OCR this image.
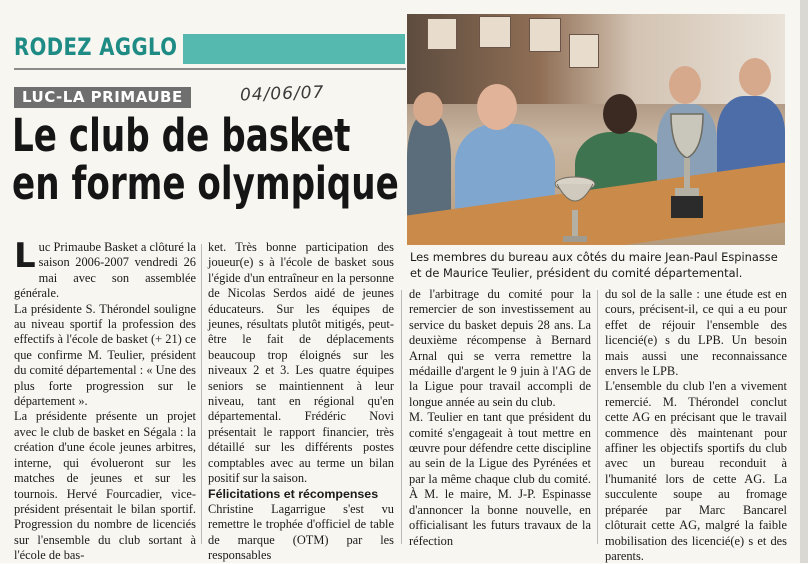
RODEZ AGGLO
LUC-LA PRIMAUBE	04/06/07
Le club de basket
en forme olympique
Les membres du bureau aux côtés du maire Jean-Paul Espinasse et de Maurice Teulier, président du comité départemental.

Luc Primaube Basket a clôturé la saison 2006-2007 vendredi 26 mai avec son assemblée générale.

La présidente S. Thérondel souligne au niveau sportif la profession des effectifs à l'école de basket (+ 21) ce que confirme M. Teulier, président du comité départemental : « Une des plus forte progression sur le département ».

La présidente présente un projet avec le club de basket en Ségala : la création d'une école jeunes arbitres, interne, qui évolueront sur les matches de jeunes et sur les tournois. Hervé Fourcadier, vice-président présentait le bilan sportif. Progression du nombre de licenciés sur l'ensemble du club sortant à l'école de bas-

ket. Très bonne participation des joueur(e) s à l'école de basket sous l'égide d'un entraîneur en la personne de Nicolas Serdos aidé de jeunes éducateurs. Sur les équipes de jeunes, résultats plutôt mitigés, peut-être le fait de déplacements beaucoup trop éloignés sur les niveaux 2 et 3. Les quatre équipes seniors se maintiennent à leur niveau, tant en régional qu'en départemental. Frédéric Novi présentait le rapport financier, très détaillé sur les différents postes comptables avec au terme un bilan positif sur la saison.

Félicitations et récompenses

Christine Lagarrigue s'est vu remettre le trophée d'officiel de table de marque (OTM) par les responsables

de l'arbitrage du comité pour la remercier de son investissement au service du basket depuis 28 ans. La deuxième récompense à Bernard Arnal qui se verra remettre la médaille d'argent le 9 juin à l'AG de la Ligue pour travail accompli de longue année au sein du club.

M. Teulier en tant que président du comité s'engageait à tout mettre en œuvre pour défendre cette discipline au sein de la Ligue des Pyrénées et par la même chaque club du comité. À M. le maire, M. J-P. Espinasse d'annoncer la bonne nouvelle, en officialisant les futurs travaux de la réfection

du sol de la salle : une étude est en cours, précisent-il, ce qui a eu pour effet de réjouir l'ensemble des licencié(e) s du LPB. Un besoin mais aussi une reconnaissance envers le LPB.

L'ensemble du club l'en a vivement remercié. M. Thérondel conclut cette AG en précisant que le travail commence dès maintenant pour affiner les objectifs sportifs du club avec un bureau reconduit à l'humanité lors de cette AG. La succulente soupe au fromage préparée par Marc Bancarel clôturait cette AG, malgré la faible mobilisation des licencié(e) s et des parents.
